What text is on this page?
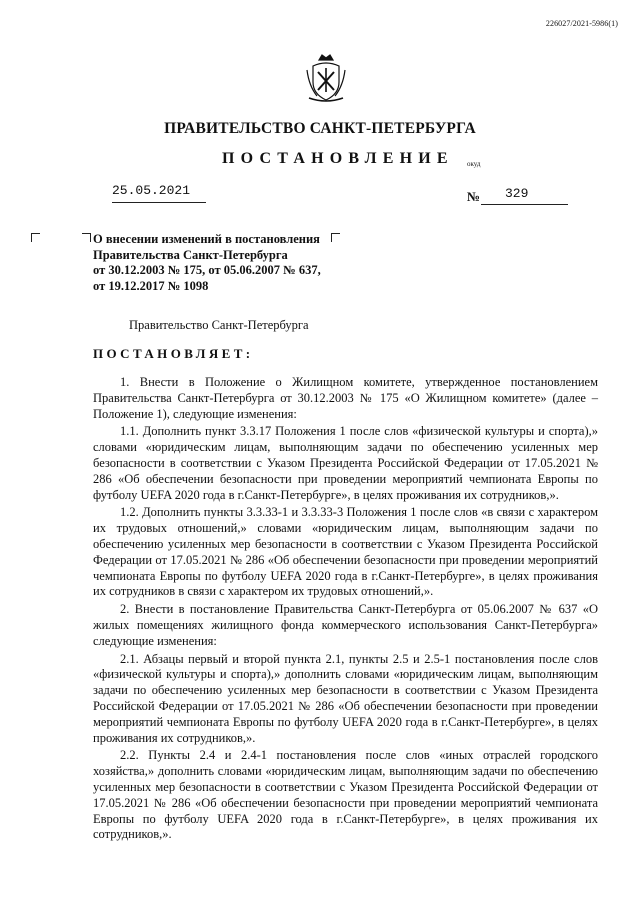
226027/2021-5986(1)
ПРАВИТЕЛЬСТВО САНКТ-ПЕТЕРБУРГА
ПОСТАНОВЛЕНИЕ окуд
25.05.2021	№ 329
О внесении изменений в постановления
Правительства Санкт-Петербурга
от 30.12.2003 № 175, от 05.06.2007 № 637,
от 19.12.2017 № 1098
Правительство Санкт-Петербурга
ПОСТАНОВЛЯЕТ:

1. Внести в Положение о Жилищном комитете, утвержденное постановлением Правительства Санкт-Петербурга от 30.12.2003 № 175 «О Жилищном комитете» (далее – Положение 1), следующие изменения:

1.1. Дополнить пункт 3.3.17 Положения 1 после слов «физической культуры и спорта),» словами «юридическим лицам, выполняющим задачи по обеспечению усиленных мер безопасности в соответствии с Указом Президента Российской Федерации от 17.05.2021 № 286 «Об обеспечении безопасности при проведении мероприятий чемпионата Европы по футболу UEFA 2020 года в г.Санкт-Петербурге», в целях проживания их сотрудников,».

1.2. Дополнить пункты 3.3.33-1 и 3.3.33-3 Положения 1 после слов «в связи с характером их трудовых отношений,» словами «юридическим лицам, выполняющим задачи по обеспечению усиленных мер безопасности в соответствии с Указом Президента Российской Федерации от 17.05.2021 № 286 «Об обеспечении безопасности при проведении мероприятий чемпионата Европы по футболу UEFA 2020 года в г.Санкт-Петербурге», в целях проживания их сотрудников в связи с характером их трудовых отношений,».

2. Внести в постановление Правительства Санкт-Петербурга от 05.06.2007 № 637 «О жилых помещениях жилищного фонда коммерческого использования Санкт-Петербурга» следующие изменения:

2.1. Абзацы первый и второй пункта 2.1, пункты 2.5 и 2.5-1 постановления после слов «физической культуры и спорта),» дополнить словами «юридическим лицам, выполняющим задачи по обеспечению усиленных мер безопасности в соответствии с Указом Президента Российской Федерации от 17.05.2021 № 286 «Об обеспечении безопасности при проведении мероприятий чемпионата Европы по футболу UEFA 2020 года в г.Санкт-Петербурге», в целях проживания их сотрудников,».

2.2. Пункты 2.4 и 2.4-1 постановления после слов «иных отраслей городского хозяйства,» дополнить словами «юридическим лицам, выполняющим задачи по обеспечению усиленных мер безопасности в соответствии с Указом Президента Российской Федерации от 17.05.2021 № 286 «Об обеспечении безопасности при проведении мероприятий чемпионата Европы по футболу UEFA 2020 года в г.Санкт-Петербурге», в целях проживания их сотрудников,».
